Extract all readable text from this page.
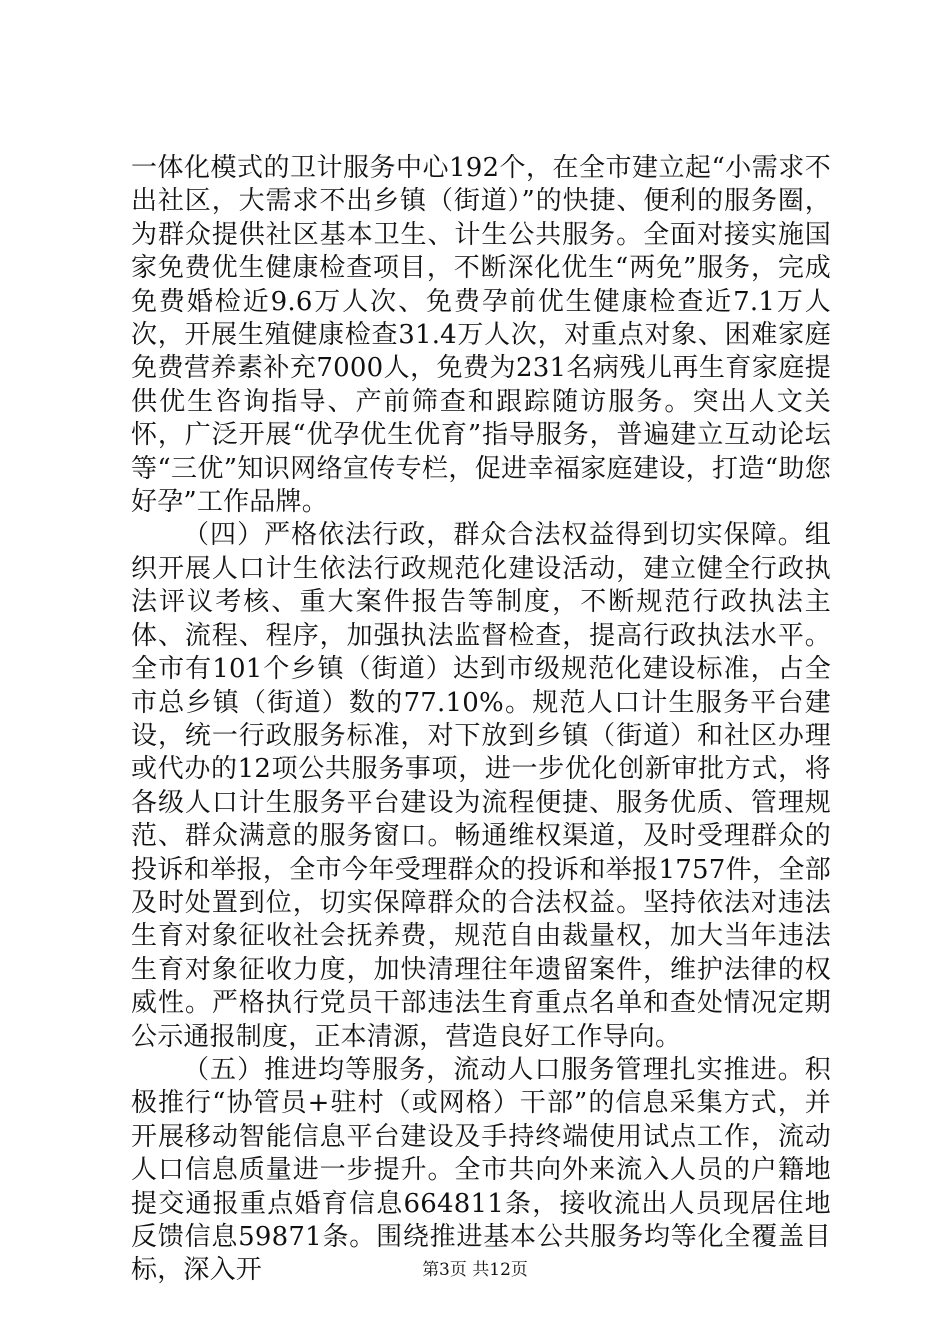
一体化模式的卫计服务中心192个，在全市建立起“小需求不出社区，大需求不出乡镇（街道）”的快捷、便利的服务圈，为群众提供社区基本卫生、计生公共服务。全面对接实施国家免费优生健康检查项目，不断深化优生“两免”服务，完成免费婚检近9.6万人次、免费孕前优生健康检查近7.1万人次，开展生殖健康检查31.4万人次，对重点对象、困难家庭免费营养素补充7000人，免费为231名病残儿再生育家庭提供优生咨询指导、产前筛查和跟踪随访服务。突出人文关怀，广泛开展“优孕优生优育”指导服务，普遍建立互动论坛等“三优”知识网络宣传专栏，促进幸福家庭建设，打造“助您好孕”工作品牌。

（四）严格依法行政，群众合法权益得到切实保障。组织开展人口计生依法行政规范化建设活动，建立健全行政执法评议考核、重大案件报告等制度，不断规范行政执法主体、流程、程序，加强执法监督检查，提高行政执法水平。全市有101个乡镇（街道）达到市级规范化建设标准，占全市总乡镇（街道）数的77.10%。规范人口计生服务平台建设，统一行政服务标准，对下放到乡镇（街道）和社区办理或代办的12项公共服务事项，进一步优化创新审批方式，将各级人口计生服务平台建设为流程便捷、服务优质、管理规范、群众满意的服务窗口。畅通维权渠道，及时受理群众的投诉和举报，全市今年受理群众的投诉和举报1757件，全部及时处置到位，切实保障群众的合法权益。坚持依法对违法生育对象征收社会抚养费，规范自由裁量权，加大当年违法生育对象征收力度，加快清理往年遗留案件，维护法律的权威性。严格执行党员干部违法生育重点名单和查处情况定期公示通报制度，正本清源，营造良好工作导向。

（五）推进均等服务，流动人口服务管理扎实推进。积极推行“协管员+驻村（或网格）干部”的信息采集方式，并开展移动智能信息平台建设及手持终端使用试点工作，流动人口信息质量进一步提升。全市共向外来流入人员的户籍地提交通报重点婚育信息664811条，接收流出人员现居住地反馈信息59871条。围绕推进基本公共服务均等化全覆盖目标，深入开	第3页 共12页
